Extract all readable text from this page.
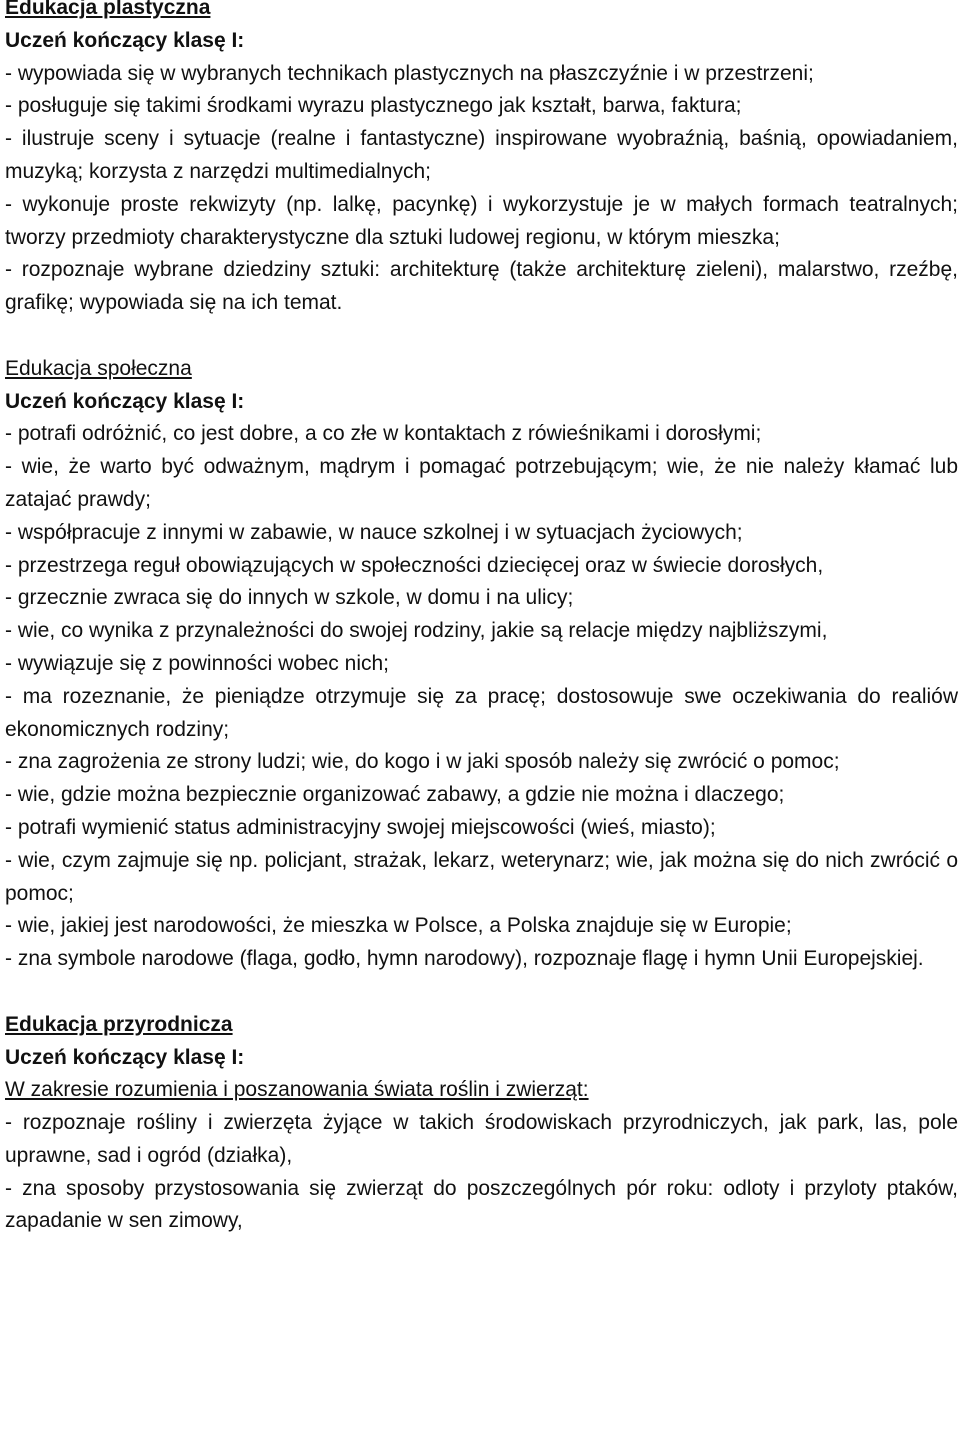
Edukacja plastyczna

Uczeń kończący klasę I:

- wypowiada się w wybranych technikach plastycznych na płaszczyźnie i w przestrzeni;

- posługuje się takimi środkami wyrazu plastycznego jak kształt, barwa, faktura;

- ilustruje sceny i sytuacje (realne i fantastyczne) inspirowane wyobraźnią, baśnią, opowiadaniem, muzyką; korzysta z narzędzi multimedialnych;

- wykonuje proste rekwizyty (np. lalkę, pacynkę) i wykorzystuje je w małych formach teatralnych; tworzy przedmioty charakterystyczne dla sztuki ludowej regionu, w którym mieszka;

- rozpoznaje wybrane dziedziny sztuki: architekturę (także architekturę zieleni), malarstwo, rzeźbę, grafikę; wypowiada się na ich temat.

Edukacja społeczna

Uczeń kończący klasę I:

- potrafi odróżnić, co jest dobre, a co złe w kontaktach z rówieśnikami i dorosłymi;

- wie, że warto być odważnym, mądrym i pomagać potrzebującym; wie, że nie należy kłamać lub zatajać prawdy;

- współpracuje z innymi w zabawie, w nauce szkolnej i w sytuacjach życiowych;

- przestrzega reguł obowiązujących w społeczności dziecięcej oraz w świecie dorosłych,

- grzecznie zwraca się do innych w szkole, w domu i na ulicy;

- wie, co wynika z przynależności do swojej rodziny, jakie są relacje między najbliższymi,

- wywiązuje się z powinności wobec nich;

- ma rozeznanie, że pieniądze otrzymuje się za pracę; dostosowuje swe oczekiwania do realiów ekonomicznych rodziny;

- zna zagrożenia ze strony ludzi; wie, do kogo i w jaki sposób należy się zwrócić o pomoc;

- wie, gdzie można bezpiecznie organizować zabawy, a gdzie nie można i dlaczego;

- potrafi wymienić status administracyjny swojej miejscowości (wieś, miasto);

- wie, czym zajmuje się np. policjant, strażak, lekarz, weterynarz; wie, jak można się do nich zwrócić o pomoc;

- wie, jakiej jest narodowości, że mieszka w Polsce, a Polska znajduje się w Europie;

- zna symbole narodowe (flaga, godło, hymn narodowy), rozpoznaje flagę i hymn Unii Europejskiej.

Edukacja przyrodnicza

Uczeń kończący klasę I:

W zakresie rozumienia i poszanowania świata roślin i zwierząt:

- rozpoznaje rośliny i zwierzęta żyjące w takich środowiskach przyrodniczych, jak park, las, pole uprawne, sad i ogród (działka),

- zna sposoby przystosowania się zwierząt do poszczególnych pór roku: odloty i przyloty ptaków, zapadanie w sen zimowy,
